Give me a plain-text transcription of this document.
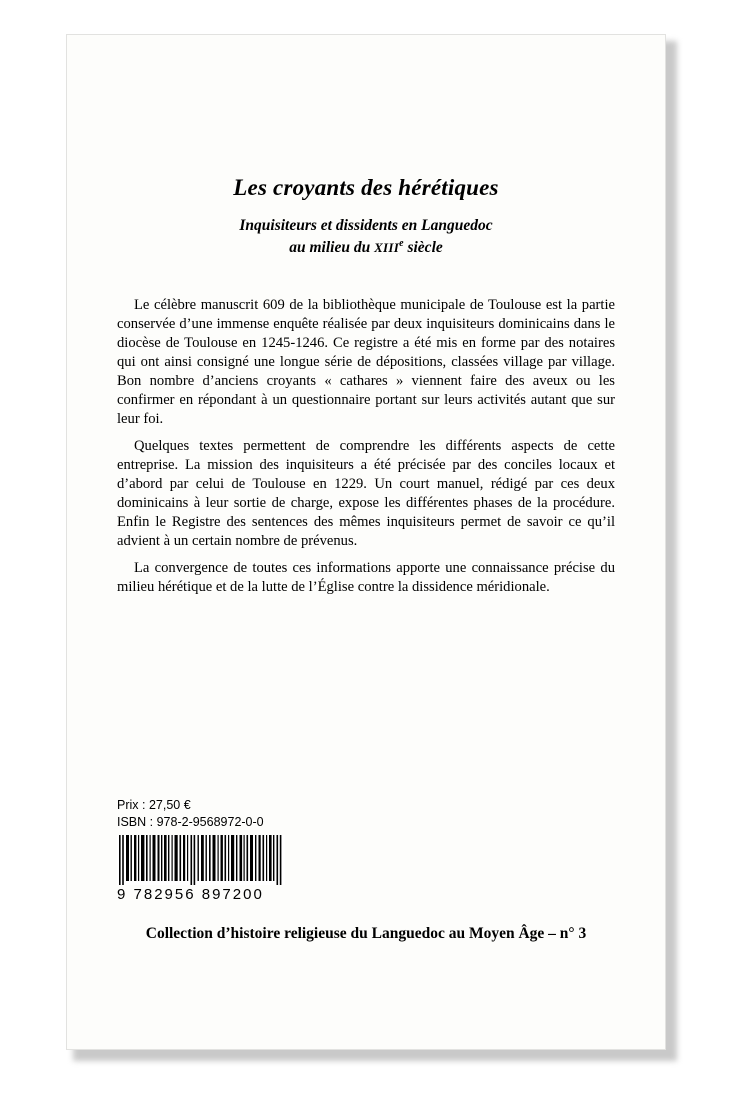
Les croyants des hérétiques
Inquisiteurs et dissidents en Languedoc
au milieu du XIIIe siècle

Le célèbre manuscrit 609 de la bibliothèque municipale de Toulouse est la partie conservée d’une immense enquête réalisée par deux inquisiteurs dominicains dans le diocèse de Toulouse en 1245-1246. Ce registre a été mis en forme par des notaires qui ont ainsi consigné une longue série de dépositions, classées village par village. Bon nombre d’anciens croyants « cathares » viennent faire des aveux ou les confirmer en répondant à un questionnaire portant sur leurs activités autant que sur leur foi.

Quelques textes permettent de comprendre les différents aspects de cette entreprise. La mission des inquisiteurs a été précisée par des conciles locaux et d’abord par celui de Toulouse en 1229. Un court manuel, rédigé par ces deux dominicains à leur sortie de charge, expose les différentes phases de la procédure. Enfin le Registre des sentences des mêmes inquisiteurs permet de savoir ce qu’il advient à un certain nombre de prévenus.

La convergence de toutes ces informations apporte une connaissance précise du milieu hérétique et de la lutte de l’Église contre la dissidence méridionale.

Prix : 27,50 €
ISBN : 978-2-9568972-0-0
9 782956 897200
Collection d’histoire religieuse du Languedoc au Moyen Âge – n° 3
